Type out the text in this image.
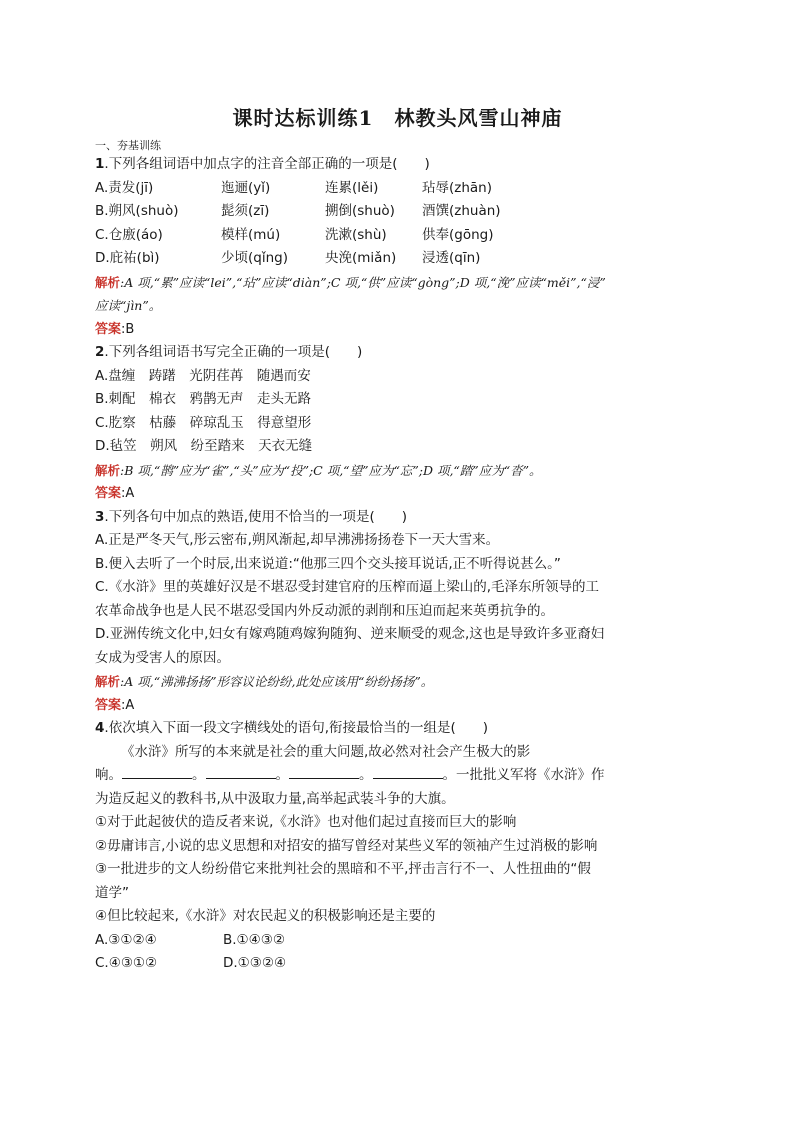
课时达标训练1　林教头风雪山神庙
一、夯基训练
1.下列各组词语中加点字的注音全部正确的一项是(　　)
A.责发(jī)	迤逦(yǐ)	连累(lěi)	玷辱(zhān)
B.朔风(shuò)	髭须(zī)	搠倒(shuò)	酒馔(zhuàn)
C.仓廒(áo)	模样(mú)	洗漱(shù)	供奉(gōng)
D.庇祐(bì)	少顷(qǐng)	央浼(miǎn)	浸透(qīn)
解析:A 项,“累”应读“lei”,“玷”应读“diàn”;C 项,“供”应读“gòng”;D 项,“浼”应读“měi”,“浸”
应读“jìn”。
答案:B
2.下列各组词语书写完全正确的一项是(　　)
A.盘缠　踌躇　光阴荏苒　随遇而安
B.刺配　棉衣　鸦鹊无声　走头无路
C.肐察　枯藤　碎琼乱玉　得意望形
D.毡笠　朔风　纷至踏来　天衣无缝
解析:B 项,“鹊”应为“雀”,“头”应为“投”;C 项,“望”应为“忘”;D 项,“踏”应为“沓”。
答案:A
3.下列各句中加点的熟语,使用不恰当的一项是(　　)
A.正是严冬天气,彤云密布,朔风渐起,却早沸沸扬扬卷下一天大雪来。
B.便入去听了一个时辰,出来说道:“他那三四个交头接耳说话,正不听得说甚么。”
C.《水浒》里的英雄好汉是不堪忍受封建官府的压榨而逼上梁山的,毛泽东所领导的工
农革命战争也是人民不堪忍受国内外反动派的剥削和压迫而起来英勇抗争的。
D.亚洲传统文化中,妇女有嫁鸡随鸡嫁狗随狗、逆来顺受的观念,这也是导致许多亚裔妇
女成为受害人的原因。
解析:A 项,“沸沸扬扬”形容议论纷纷,此处应该用“纷纷扬扬”。
答案:A
4.依次填入下面一段文字横线处的语句,衔接最恰当的一组是(　　)
《水浒》所写的本来就是社会的重大问题,故必然对社会产生极大的影
响。	。	。	。	。一批批义军将《水浒》作
为造反起义的教科书,从中汲取力量,高举起武装斗争的大旗。
①对于此起彼伏的造反者来说,《水浒》也对他们起过直接而巨大的影响
②毋庸讳言,小说的忠义思想和对招安的描写曾经对某些义军的领袖产生过消极的影响
③一批进步的文人纷纷借它来批判社会的黑暗和不平,抨击言行不一、人性扭曲的“假
道学”
④但比较起来,《水浒》对农民起义的积极影响还是主要的
A.③①②④	B.①④③②
C.④③①②	D.①③②④
